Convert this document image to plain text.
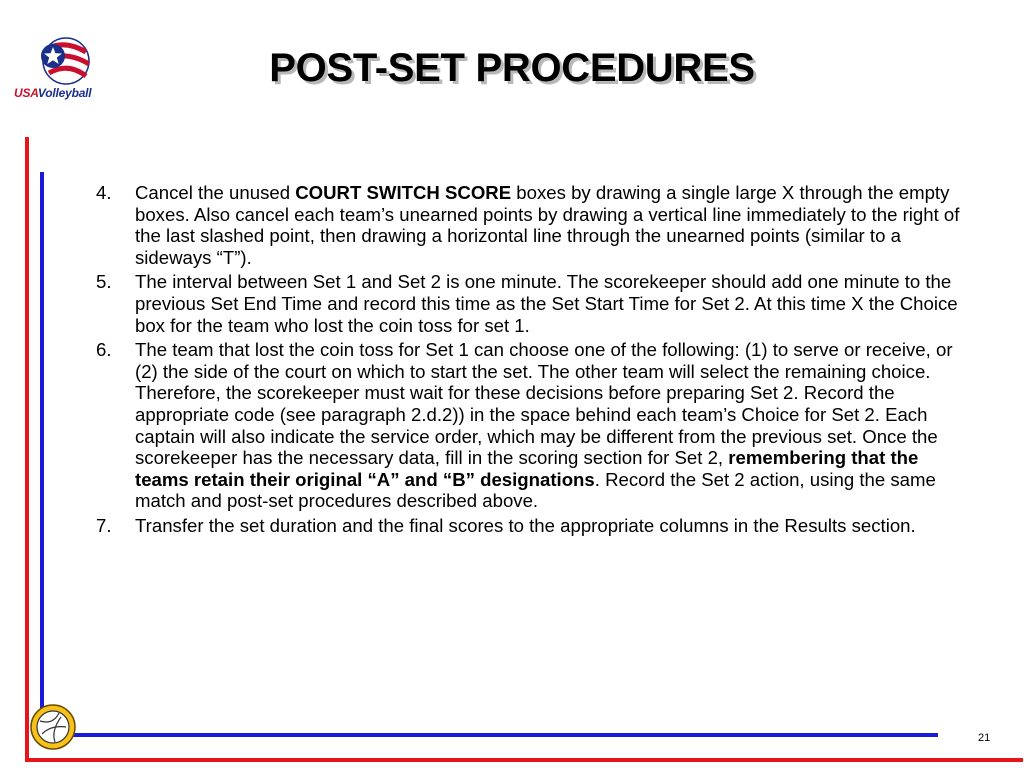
USAVolleyball
POST-SET PROCEDURES
4.	Cancel the unused COURT SWITCH SCORE boxes by drawing a single large X through the empty boxes. Also cancel each team’s unearned points by drawing a vertical line immediately to the right of the last slashed point, then drawing a horizontal line through the unearned points (similar to a sideways “T”).
5.	The interval between Set 1 and Set 2 is one minute. The scorekeeper should add one minute to the previous Set End Time and record this time as the Set Start Time for Set 2. At this time X the Choice box for the team who lost the coin toss for set 1.
6.	The team that lost the coin toss for Set 1 can choose one of the following: (1) to serve or receive, or (2) the side of the court on which to start the set. The other team will select the remaining choice. Therefore, the scorekeeper must wait for these decisions before preparing Set 2. Record the appropriate code (see paragraph 2.d.2)) in the space behind each team’s Choice for Set 2. Each captain will also indicate the service order, which may be different from the previous set. Once the scorekeeper has the necessary data, fill in the scoring section for Set 2, remembering that the teams retain their original “A” and “B” designations. Record the Set 2 action, using the same match and post-set procedures described above.
7.	Transfer the set duration and the final scores to the appropriate columns in the Results section.
21
